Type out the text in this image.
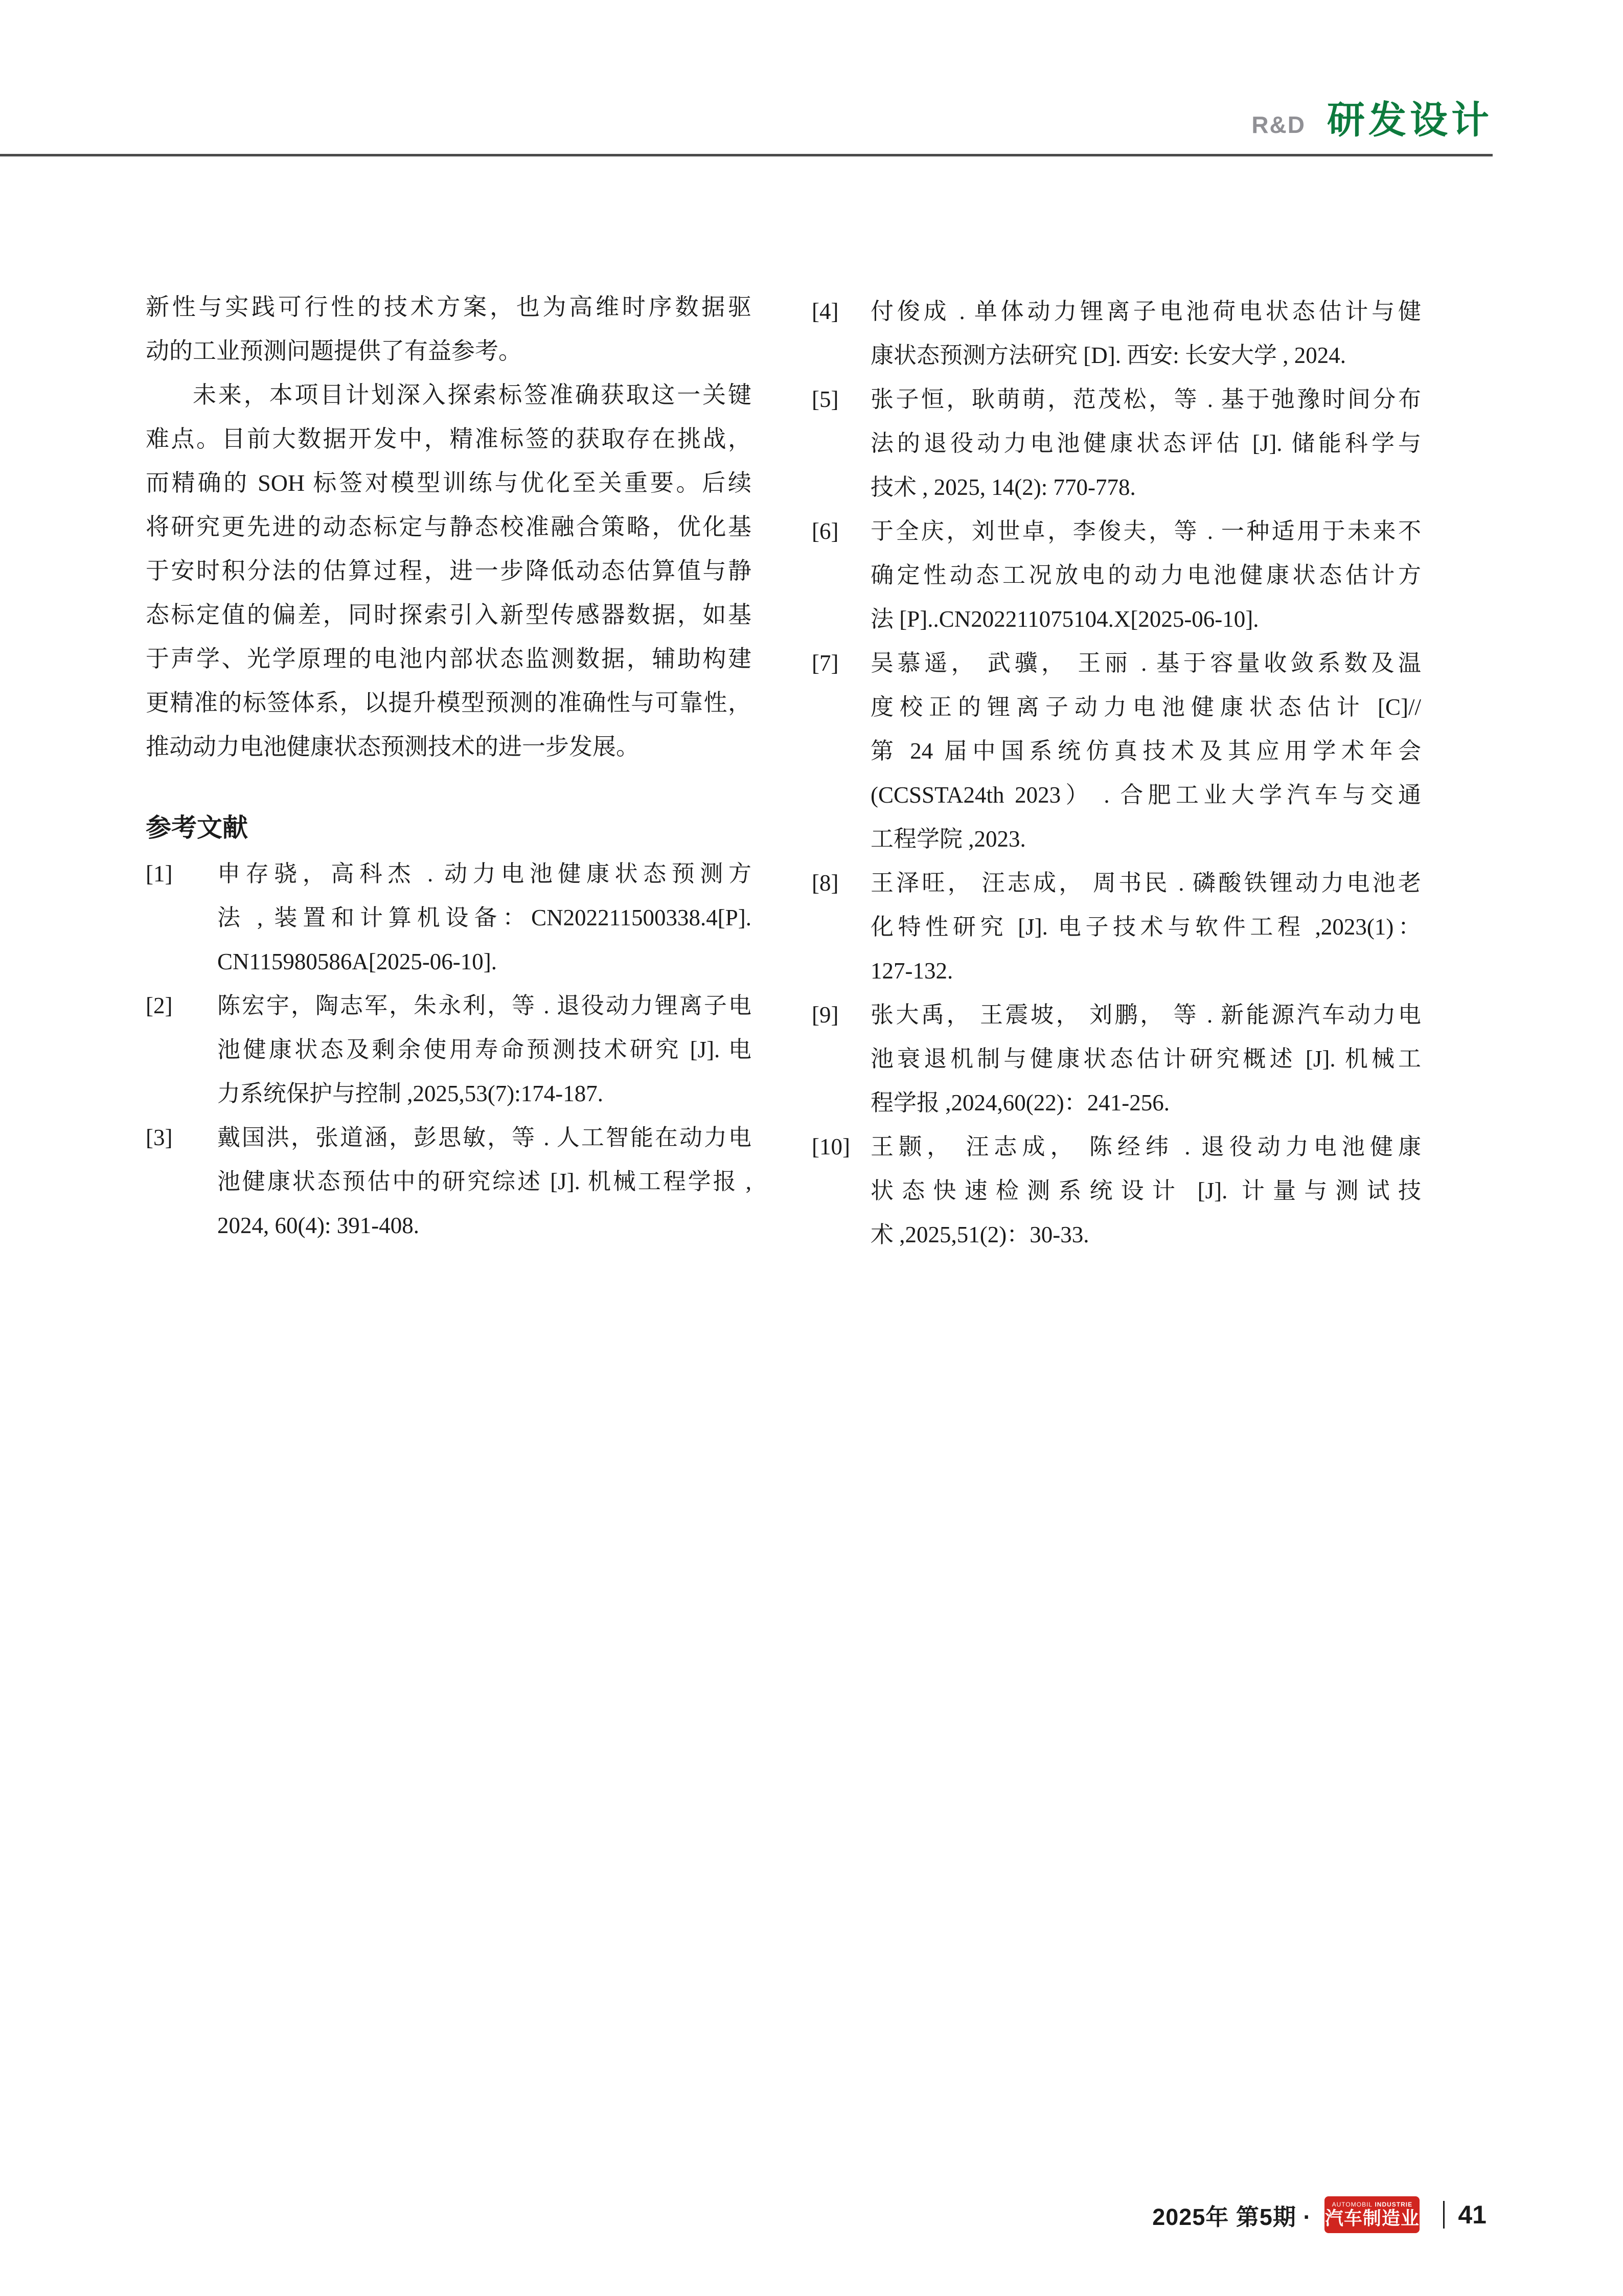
R&D 研发设计
新性与实践可行性的技术方案，也为高维时序数据驱
动的工业预测问题提供了有益参考。
未来，本项目计划深入探索标签准确获取这一关键
难点。目前大数据开发中，精准标签的获取存在挑战，
而精确的 SOH 标签对模型训练与优化至关重要。后续
将研究更先进的动态标定与静态校准融合策略，优化基
于安时积分法的估算过程，进一步降低动态估算值与静
态标定值的偏差，同时探索引入新型传感器数据，如基
于声学、光学原理的电池内部状态监测数据，辅助构建
更精准的标签体系，以提升模型预测的准确性与可靠性，
推动动力电池健康状态预测技术的进一步发展。
参考文献
[1] 申存骁，高科杰 . 动力电池健康状态预测方
法 , 装置和计算机设备：CN202211500338.4[P].
CN115980586A[2025-06-10].
[2] 陈宏宇，陶志军，朱永利，等 . 退役动力锂离子电
池健康状态及剩余使用寿命预测技术研究 [J]. 电
力系统保护与控制 ,2025,53(7):174-187.
[3] 戴国洪，张道涵，彭思敏，等 . 人工智能在动力电
池健康状态预估中的研究综述 [J]. 机械工程学报 ,
2024, 60(4): 391-408.
[4] 付俊成 . 单体动力锂离子电池荷电状态估计与健
康状态预测方法研究 [D]. 西安: 长安大学 , 2024.
[5] 张子恒，耿萌萌，范茂松，等 . 基于弛豫时间分布
法的退役动力电池健康状态评估 [J]. 储能科学与
技术 , 2025, 14(2): 770-778.
[6] 于全庆，刘世卓，李俊夫，等 . 一种适用于未来不
确定性动态工况放电的动力电池健康状态估计方
法 [P]..CN202211075104.X[2025-06-10].
[7] 吴慕遥， 武骥， 王丽 . 基于容量收敛系数及温
度校正的锂离子动力电池健康状态估计 [C]//
第 24 届中国系统仿真技术及其应用学术年会
(CCSSTA24th 2023） . 合肥工业大学汽车与交通
工程学院 ,2023.
[8] 王泽旺， 汪志成， 周书民 . 磷酸铁锂动力电池老
化特性研究 [J]. 电子技术与软件工程 ,2023(1)：
127-132.
[9] 张大禹， 王震坡， 刘鹏， 等 . 新能源汽车动力电
池衰退机制与健康状态估计研究概述 [J]. 机械工
程学报 ,2024,60(22)：241-256.
[10] 王颢， 汪志成， 陈经纬 . 退役动力电池健康
状态快速检测系统设计 [J]. 计量与测试技
术 ,2025,51(2)：30-33.
2025年 第5期 ·	AUTOMOBIL INDUSTRIE
汽车制造业 41
